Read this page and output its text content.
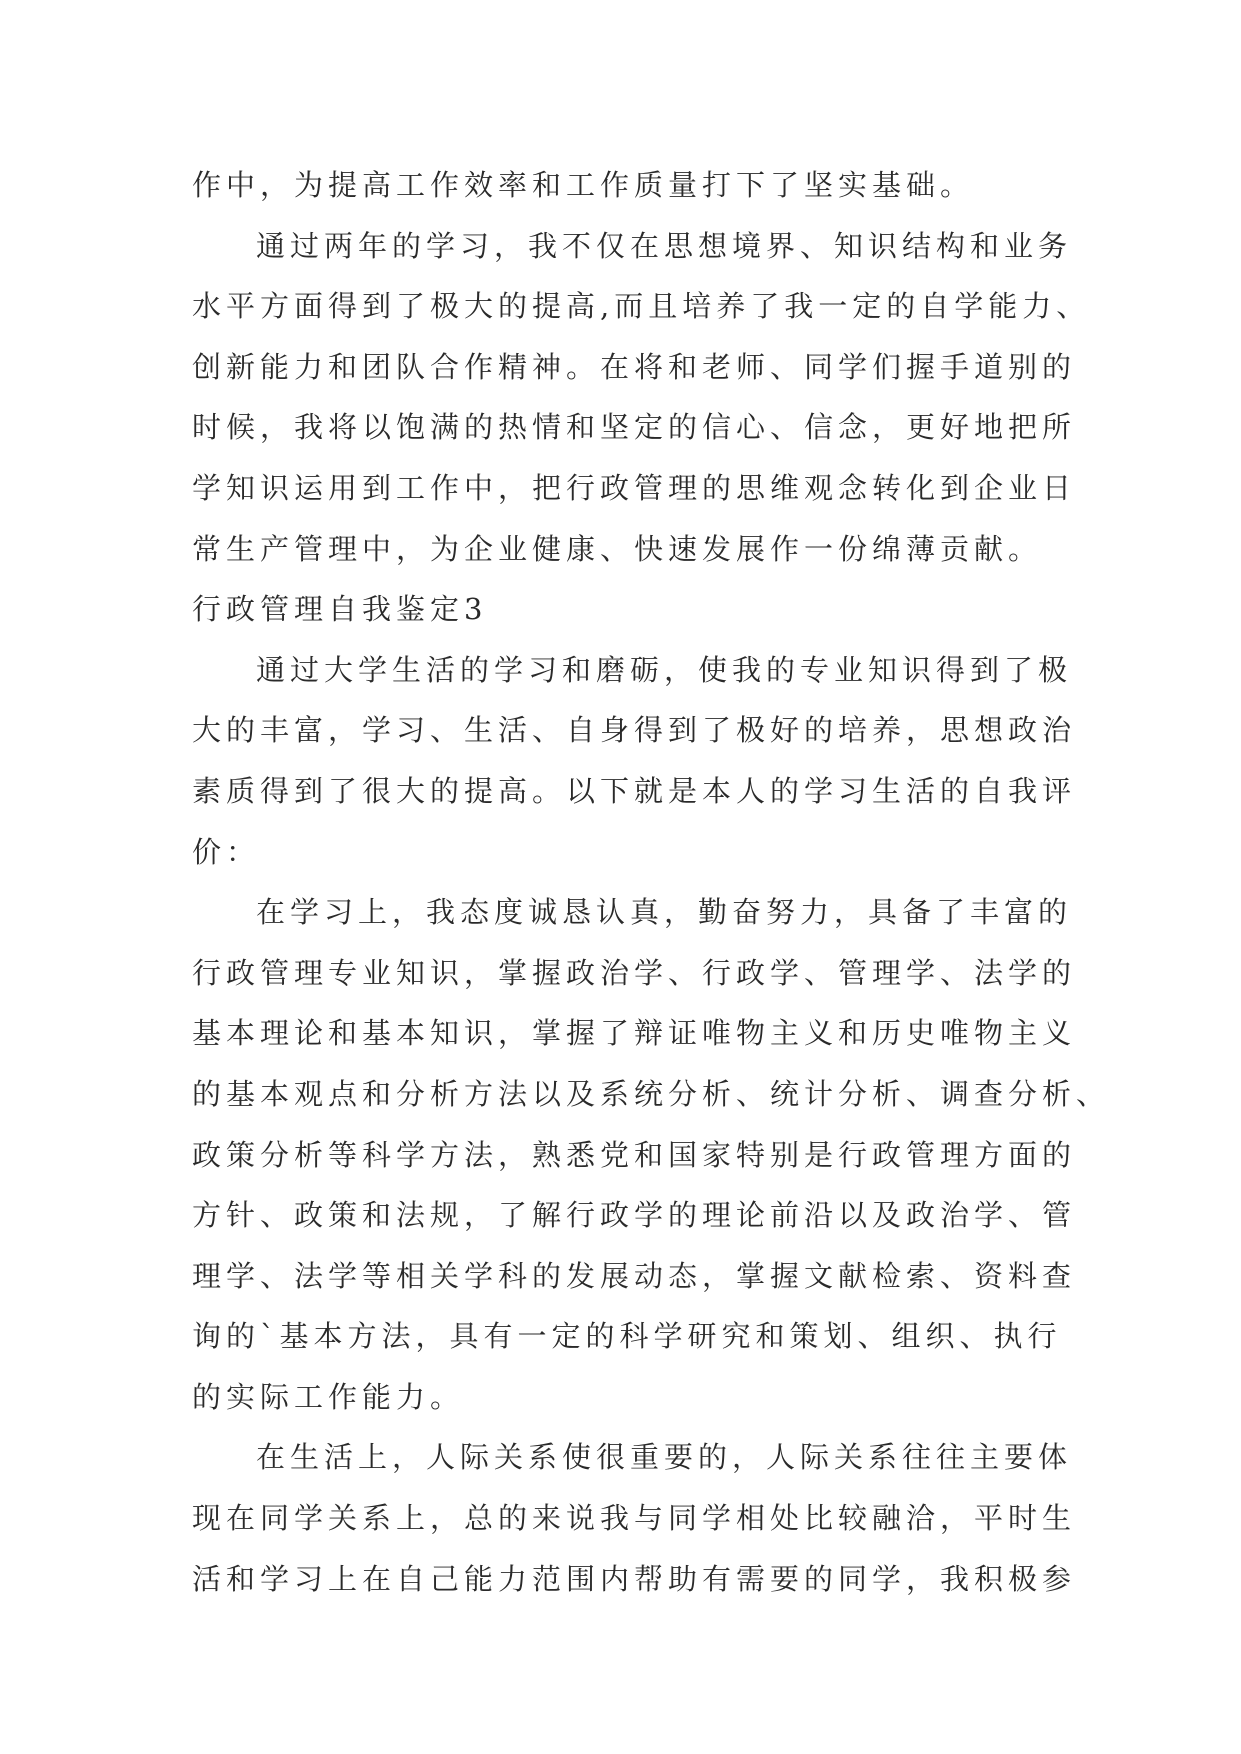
作中，为提高工作效率和工作质量打下了坚实基础。
通过两年的学习，我不仅在思想境界、知识结构和业务
水平方面得到了极大的提高,而且培养了我一定的自学能力、
创新能力和团队合作精神。在将和老师、同学们握手道别的
时候，我将以饱满的热情和坚定的信心、信念，更好地把所
学知识运用到工作中，把行政管理的思维观念转化到企业日
常生产管理中，为企业健康、快速发展作一份绵薄贡献。
行政管理自我鉴定3
通过大学生活的学习和磨砺，使我的专业知识得到了极
大的丰富，学习、生活、自身得到了极好的培养，思想政治
素质得到了很大的提高。以下就是本人的学习生活的自我评
价：
在学习上，我态度诚恳认真，勤奋努力，具备了丰富的
行政管理专业知识，掌握政治学、行政学、管理学、法学的
基本理论和基本知识，掌握了辩证唯物主义和历史唯物主义
的基本观点和分析方法以及系统分析、统计分析、调查分析、
政策分析等科学方法，熟悉党和国家特别是行政管理方面的
方针、政策和法规，了解行政学的理论前沿以及政治学、管
理学、法学等相关学科的发展动态，掌握文献检索、资料查
询的`基本方法，具有一定的科学研究和策划、组织、执行
的实际工作能力。
在生活上，人际关系使很重要的，人际关系往往主要体
现在同学关系上，总的来说我与同学相处比较融洽，平时生
活和学习上在自己能力范围内帮助有需要的同学，我积极参
